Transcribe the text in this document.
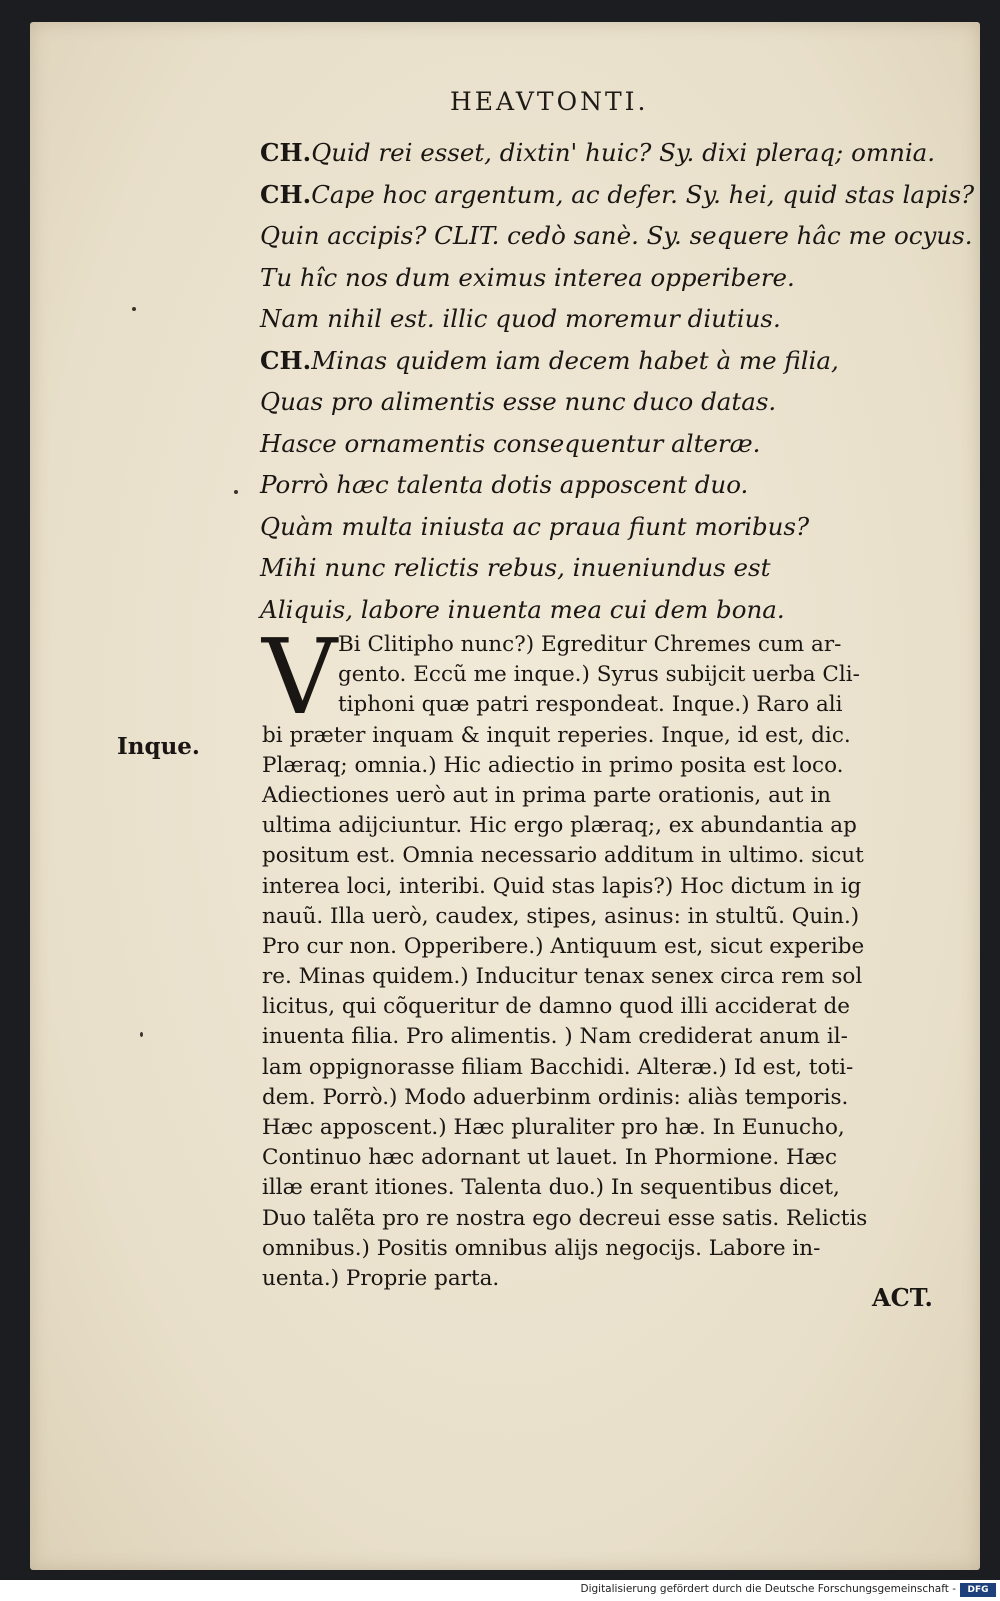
HEAVTONTI.
CH.Quid rei esset, dixtin' huic? Sy. dixi pleraq; omnia.
CH.Cape hoc argentum, ac defer. Sy. hei, quid stas lapis?
Quin accipis? CLIT. cedò sanè. Sy. sequere hâc me ocyus.
Tu hîc nos dum eximus interea opperibere.
Nam nihil est. illic quod moremur diutius.
CH.Minas quidem iam decem habet à me filia,
Quas pro alimentis esse nunc duco datas.
Hasce ornamentis consequentur alteræ.
Porrò hæc talenta dotis apposcent duo.
Quàm multa iniusta ac praua fiunt moribus?
Mihi nunc relictis rebus, inueniundus est
Aliquis, labore inuenta mea cui dem bona.
V Bi Clitipho nunc?) Egreditur Chremes cum ar-
gento. Eccũ me inque.) Syrus subijcit uerba Cli-
tiphoni quæ patri respondeat. Inque.) Raro ali
bi præter inquam & inquit reperies. Inque, id est, dic.
Plæraq; omnia.) Hic adiectio in primo posita est loco.
Adiectiones uerò aut in prima parte orationis, aut in
ultima adijciuntur. Hic ergo plæraq;, ex abundantia ap
positum est. Omnia necessario additum in ultimo. sicut
interea loci, interibi. Quid stas lapis?) Hoc dictum in ig
nauũ. Illa uerò, caudex, stipes, asinus: in stultũ. Quin.)
Pro cur non. Opperibere.) Antiquum est, sicut experibe
re. Minas quidem.) Inducitur tenax senex circa rem sol
licitus, qui cõqueritur de damno quod illi acciderat de
inuenta filia. Pro alimentis. ) Nam crediderat anum il-
lam oppignorasse filiam Bacchidi. Alteræ.) Id est, toti-
dem. Porrò.) Modo aduerbinm ordinis: aliàs temporis.
Hæc apposcent.) Hæc pluraliter pro hæ. In Eunucho,
Continuo hæc adornant ut lauet. In Phormione. Hæc
illæ erant itiones. Talenta duo.) In sequentibus dicet,
Duo talẽta pro re nostra ego decreui esse satis. Relictis
omnibus.) Positis omnibus alijs negocijs. Labore in-
uenta.) Proprie parta.
Inque.
ACT.
Digitalisierung gefördert durch die Deutsche Forschungsgemeinschaft -	DFG
